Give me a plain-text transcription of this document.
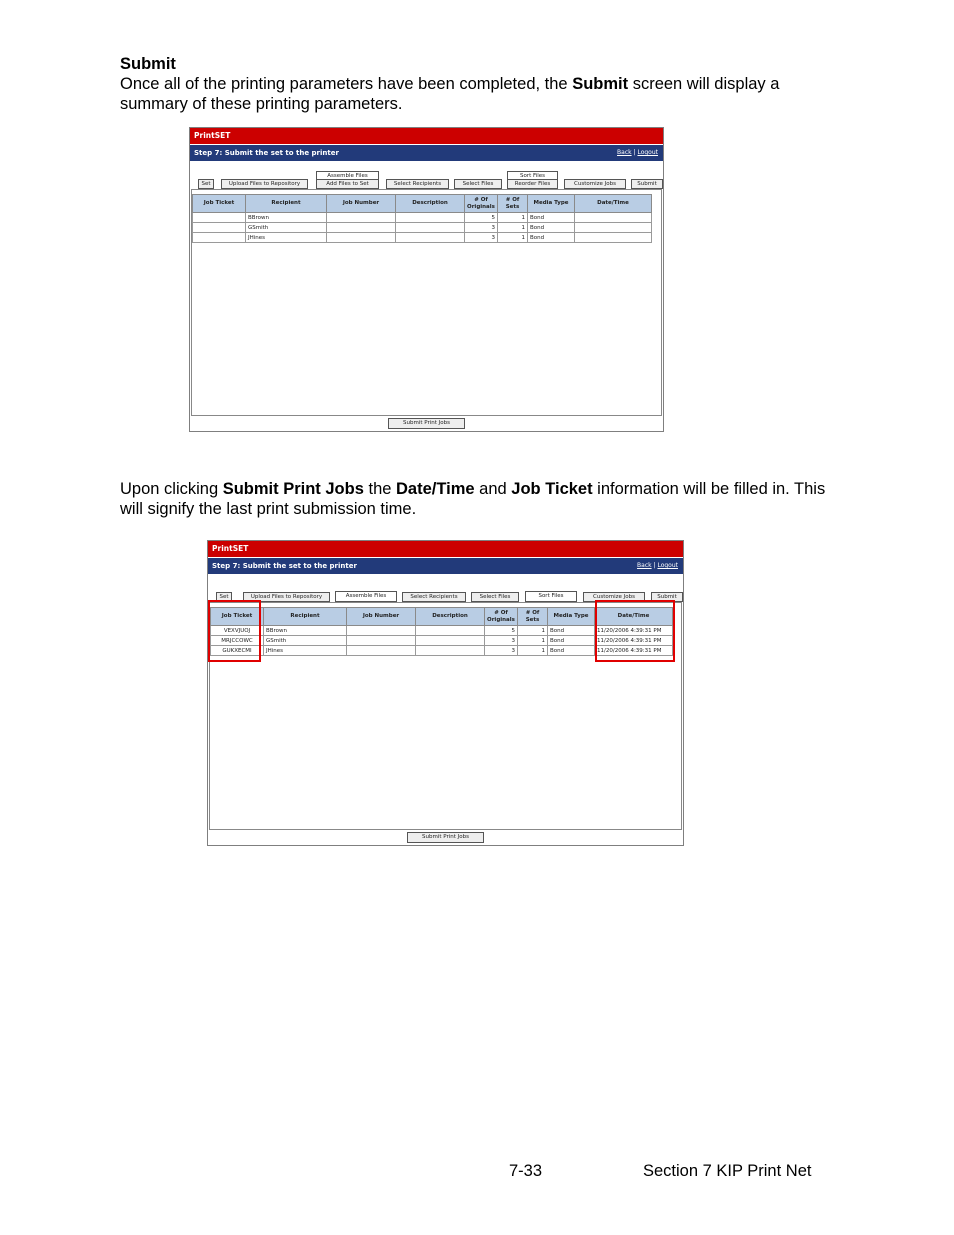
Submit
Once all of the printing parameters have been completed, the Submit screen will display a summary of these printing parameters.
PrintSET
Step 7: Submit the set to the printer	Back | Logout
Assemble Files	Sort Files
Set	Upload Files to Repository	Add Files to Set	Select Recipients	Select Files	Reorder Files	Customize Jobs	Submit
Job Ticket	Recipient	Job Number	Description	# Of Originals	# Of Sets	Media Type	Date/Time
	BBrown			5	1	Bond	
	GSmith			3	1	Bond	
	JHines			3	1	Bond	
Submit Print Jobs
Upon clicking Submit Print Jobs the Date/Time and Job Ticket information will be filled in. This will signify the last print submission time.
PrintSET
Step 7: Submit the set to the printer	Back | Logout
Set	Upload Files to Repository	Assemble Files	Select Recipients	Select Files	Sort Files	Customize Jobs	Submit
Job Ticket	Recipient	Job Number	Description	# Of Originals	# Of Sets	Media Type	Date/Time
VEXVJUOJ	BBrown			5	1	Bond	11/20/2006 4:39:31 PM
MRJCCOWC	GSmith			3	1	Bond	11/20/2006 4:39:31 PM
GUKXECMI	JHines			3	1	Bond	11/20/2006 4:39:31 PM
Submit Print Jobs
7-33	Section 7 KIP Print Net
